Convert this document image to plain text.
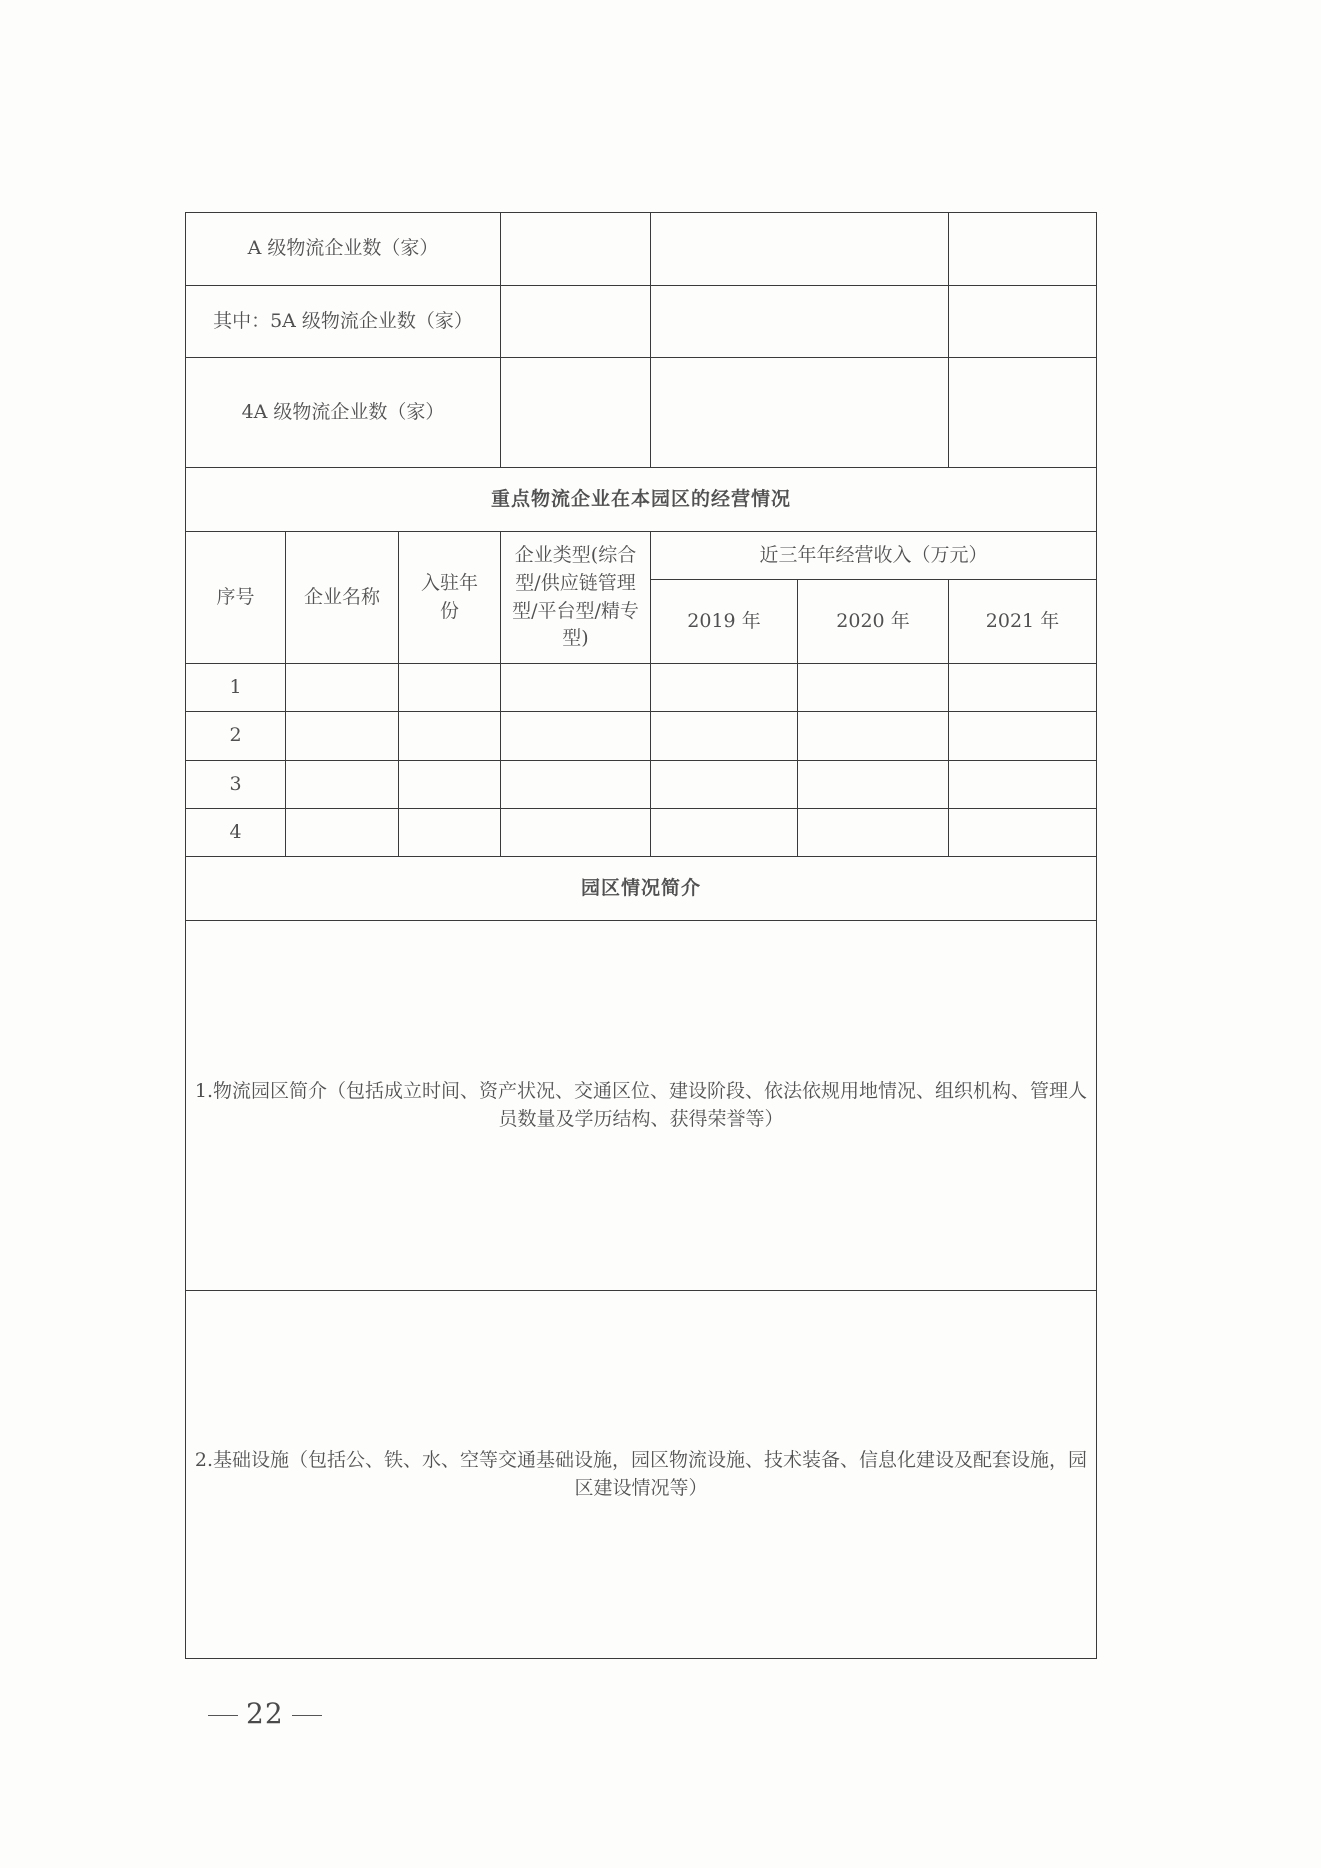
A 级物流企业数（家）						
其中：5A 级物流企业数（家）						
4A 级物流企业数（家）						
重点物流企业在本园区的经营情况						
序号	企业名称	入驻年份	企业类型(综合型/供应链管理型/平台型/精专型)	近三年年经营收入（万元）		
				2019 年	2020 年	2021 年
1						
2						
3						
4						
园区情况简介						
1.物流园区简介（包括成立时间、资产状况、交通区位、建设阶段、依法依规用地情况、组织机构、管理人员数量及学历结构、获得荣誉等）						
2.基础设施（包括公、铁、水、空等交通基础设施，园区物流设施、技术装备、信息化建设及配套设施，园区建设情况等）						
22
